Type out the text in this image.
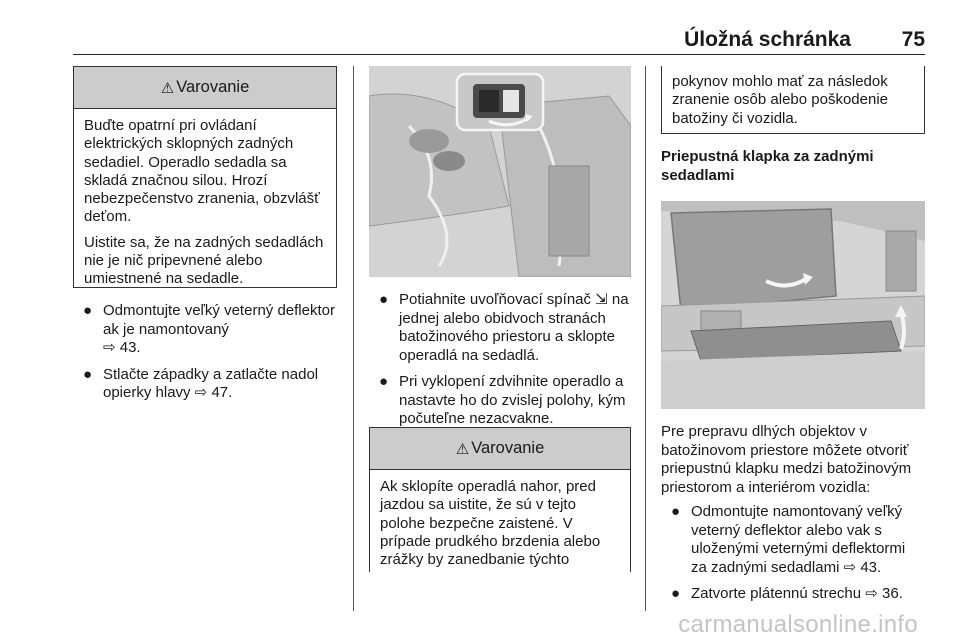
Úložná schránka 75
⚠ Varovanie

Buďte opatrní pri ovládaní elektrických sklopných zadných sedadiel. Operadlo sedadla sa skladá značnou silou. Hrozí nebezpečenstvo zranenia, obzvlášť deťom.

Uistite sa, že na zadných sedadlách nie je nič pripevnené alebo umiestnené na sedadle.

● Odmontujte veľký veterný deflektor ak je namontovaný
⇨ 43.
● Stlačte západky a zatlačte nadol opierky hlavy ⇨ 47.
● Potiahnite uvoľňovací spínač ⇲ na jednej alebo obidvoch stranách batožinového priestoru a sklopte operadlá na sedadlá.
● Pri vyklopení zdvihnite operadlo a nastavte ho do zvislej polohy, kým počuteľne nezacvakne.
⚠ Varovanie

Ak sklopíte operadlá nahor, pred jazdou sa uistite, že sú v tejto polohe bezpečne zaistené. V prípade prudkého brzdenia alebo zrážky by zanedbanie týchto

pokynov mohlo mať za následok zranenie osôb alebo poškodenie batožiny či vozidla.

Priepustná klapka za zadnými sedadlami

Pre prepravu dlhých objektov v batožinovom priestore môžete otvoriť priepustnú klapku medzi batožinovým priestorom a interiérom vozidla:

● Odmontujte namontovaný veľký veterný deflektor alebo vak s uloženými veternými deflektormi za zadnými sedadlami ⇨ 43.
● Zatvorte plátennú strechu ⇨ 36.
carmanualsonline.info
